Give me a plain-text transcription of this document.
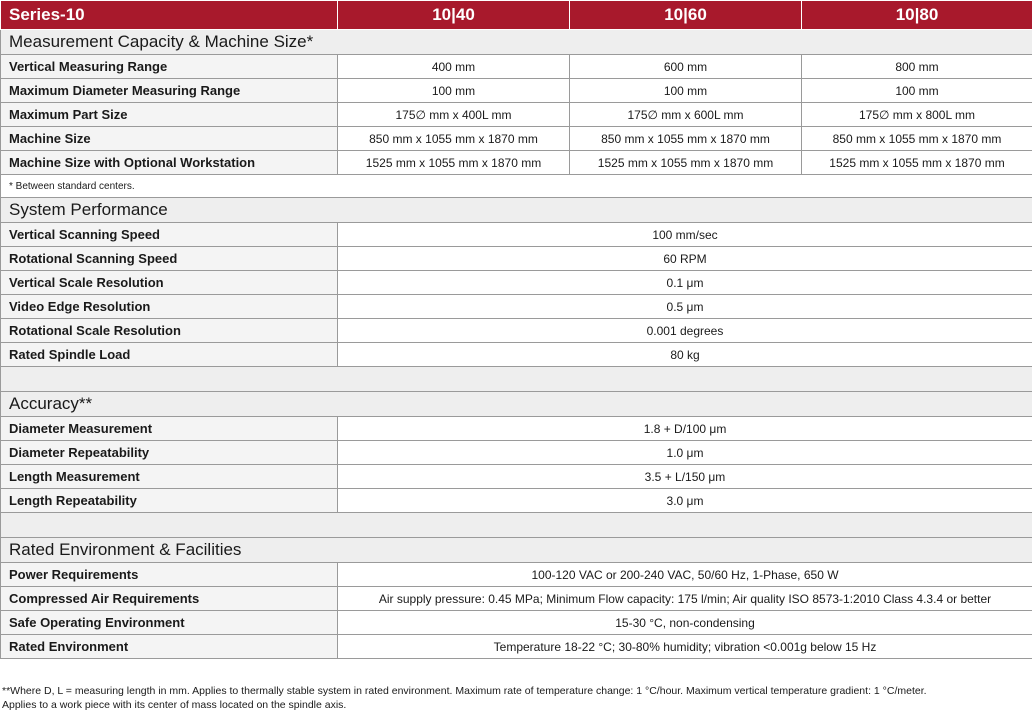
Series-10	10|40	10|60	10|80
Measurement Capacity & Machine Size*			
Vertical Measuring Range	400 mm	600 mm	800 mm
Maximum Diameter Measuring Range	100 mm	100 mm	100 mm
Maximum Part Size	175∅ mm x 400L mm	175∅ mm x 600L mm	175∅ mm x 800L mm
Machine Size	850 mm x 1055 mm x 1870 mm	850 mm x 1055 mm x 1870 mm	850 mm x 1055 mm x 1870 mm
Machine Size with Optional Workstation	1525 mm x 1055 mm x 1870 mm	1525 mm x 1055 mm x 1870 mm	1525 mm x 1055 mm x 1870 mm
* Between standard centers.			
System Performance			
Vertical Scanning Speed	100 mm/sec		
Rotational Scanning Speed	60 RPM		
Vertical Scale Resolution	0.1 μm		
Video Edge Resolution	0.5 μm		
Rotational Scale Resolution	0.001 degrees		
Rated Spindle Load	80 kg		

Accuracy**			
Diameter Measurement	1.8 + D/100 μm		
Diameter Repeatability	1.0 μm		
Length Measurement	3.5 + L/150 μm		
Length Repeatability	3.0 μm		

Rated Environment & Facilities			
Power Requirements	100-120 VAC or 200-240 VAC, 50/60 Hz, 1-Phase, 650 W		
Compressed Air Requirements	Air supply pressure: 0.45 MPa; Minimum Flow capacity: 175 l/min; Air quality ISO 8573-1:2010 Class 4.3.4 or better		
Safe Operating Environment	15-30 °C, non-condensing		
Rated Environment	Temperature 18-22 °C; 30-80% humidity; vibration <0.001g below 15 Hz		
**Where D, L = measuring length in mm. Applies to thermally stable system in rated environment. Maximum rate of temperature change: 1 °C/hour. Maximum vertical temperature gradient: 1 °C/meter.
Applies to a work piece with its center of mass located on the spindle axis.
